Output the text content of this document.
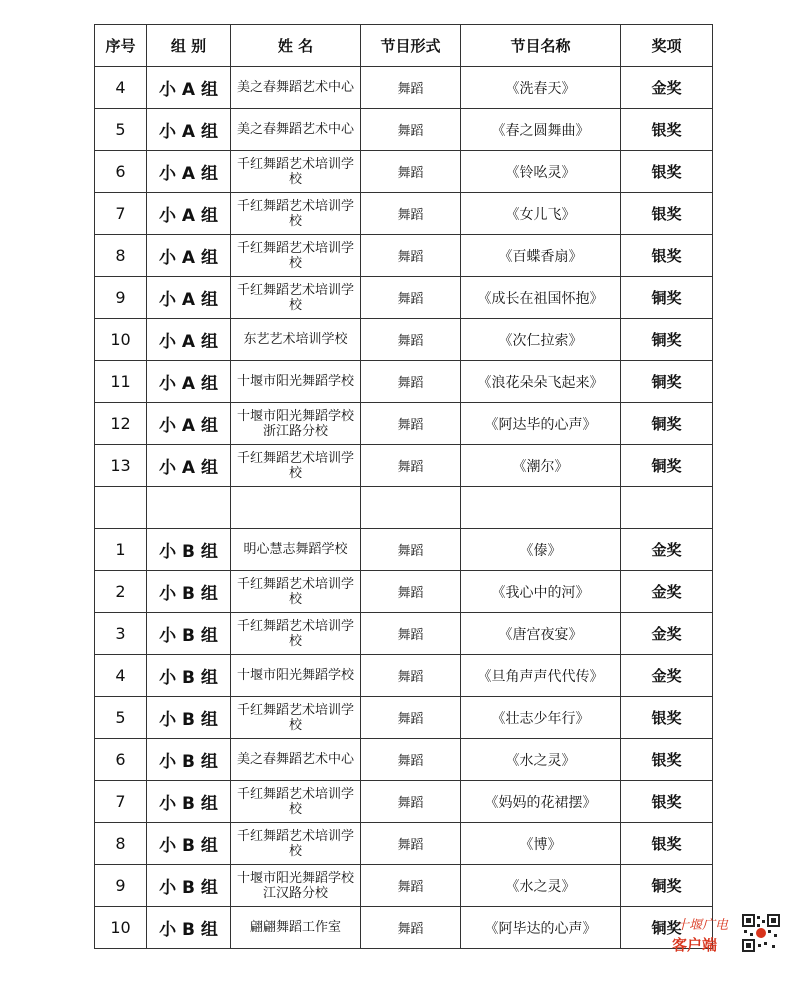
序号	组 别	姓 名	节目形式	节目名称	奖项
4	小 A 组	美之春舞蹈艺术中心	舞蹈	《洗春天》	金奖
5	小 A 组	美之春舞蹈艺术中心	舞蹈	《春之圆舞曲》	银奖
6	小 A 组	千红舞蹈艺术培训学校	舞蹈	《铃吆灵》	银奖
7	小 A 组	千红舞蹈艺术培训学校	舞蹈	《女儿飞》	银奖
8	小 A 组	千红舞蹈艺术培训学校	舞蹈	《百蝶香扇》	银奖
9	小 A 组	千红舞蹈艺术培训学校	舞蹈	《成长在祖国怀抱》	铜奖
10	小 A 组	东艺艺术培训学校	舞蹈	《次仁拉索》	铜奖
11	小 A 组	十堰市阳光舞蹈学校	舞蹈	《浪花朵朵飞起来》	铜奖
12	小 A 组	十堰市阳光舞蹈学校浙江路分校	舞蹈	《阿达毕的心声》	铜奖
13	小 A 组	千红舞蹈艺术培训学校	舞蹈	《潮尔》	铜奖

1	小 B 组	明心慧志舞蹈学校	舞蹈	《傣》	金奖
2	小 B 组	千红舞蹈艺术培训学校	舞蹈	《我心中的河》	金奖
3	小 B 组	千红舞蹈艺术培训学校	舞蹈	《唐宫夜宴》	金奖
4	小 B 组	十堰市阳光舞蹈学校	舞蹈	《旦角声声代代传》	金奖
5	小 B 组	千红舞蹈艺术培训学校	舞蹈	《壮志少年行》	银奖
6	小 B 组	美之春舞蹈艺术中心	舞蹈	《水之灵》	银奖
7	小 B 组	千红舞蹈艺术培训学校	舞蹈	《妈妈的花裙摆》	银奖
8	小 B 组	千红舞蹈艺术培训学校	舞蹈	《博》	银奖
9	小 B 组	十堰市阳光舞蹈学校江汉路分校	舞蹈	《水之灵》	铜奖
10	小 B 组	翩翩舞蹈工作室	舞蹈	《阿毕达的心声》	铜奖
十堰广电
客户端
